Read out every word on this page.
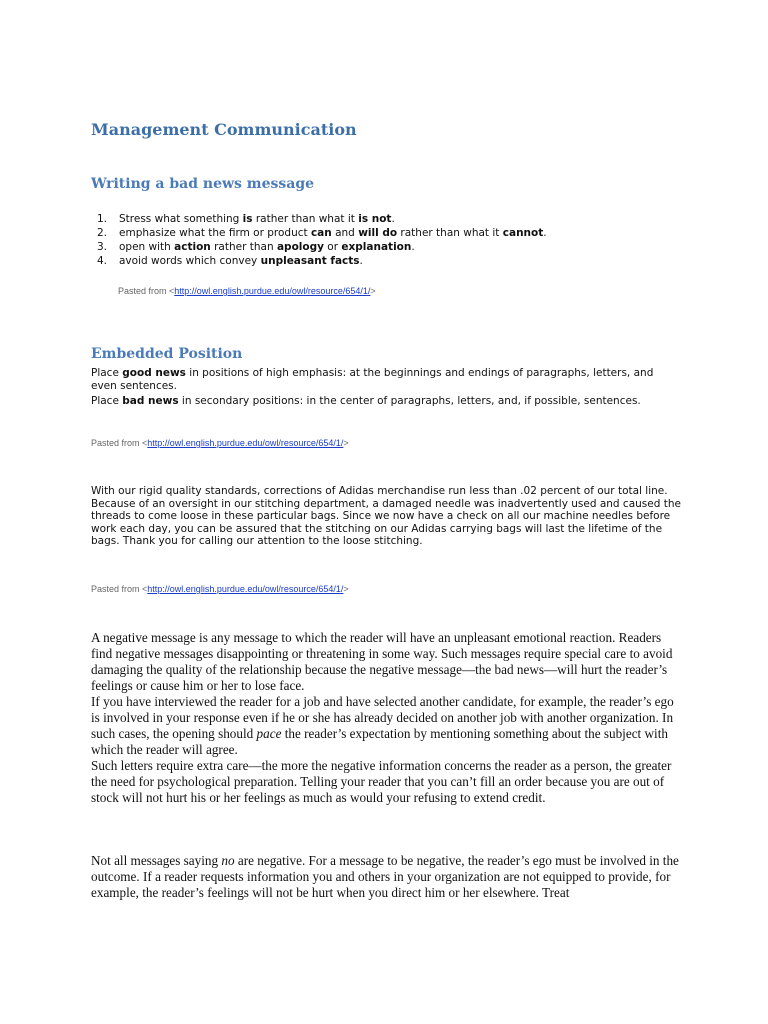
Management Communication
Writing a bad news message
1. Stress what something is rather than what it is not.
2. emphasize what the firm or product can and will do rather than what it cannot.
3. open with action rather than apology or explanation.
4. avoid words which convey unpleasant facts.
Pasted from <http://owl.english.purdue.edu/owl/resource/654/1/>
Embedded Position

Place good news in positions of high emphasis: at the beginnings and endings of paragraphs, letters, and even sentences.

Place bad news in secondary positions: in the center of paragraphs, letters, and, if possible, sentences.

Pasted from <http://owl.english.purdue.edu/owl/resource/654/1/>

With our rigid quality standards, corrections of Adidas merchandise run less than .02 percent of our total line. Because of an oversight in our stitching department, a damaged needle was inadvertently used and caused the threads to come loose in these particular bags. Since we now have a check on all our machine needles before work each day, you can be assured that the stitching on our Adidas carrying bags will last the lifetime of the bags. Thank you for calling our attention to the loose stitching.

Pasted from <http://owl.english.purdue.edu/owl/resource/654/1/>
A negative message is any message to which the reader will have an unpleasant emotional reaction. Readers find negative messages disappointing or threatening in some way. Such messages require special care to avoid damaging the quality of the relationship because the negative message—the bad news—will hurt the reader’s feelings or cause him or her to lose face.
If you have interviewed the reader for a job and have selected another candidate, for example, the reader’s ego is involved in your response even if he or she has already decided on another job with another organization. In such cases, the opening should pace the reader’s expectation by mentioning something about the subject with which the reader will agree.
Such letters require extra care—the more the negative information concerns the reader as a person, the greater the need for psychological preparation. Telling your reader that you can’t fill an order because you are out of stock will not hurt his or her feelings as much as would your refusing to extend credit.

Not all messages saying no are negative. For a message to be negative, the reader’s ego must be involved in the outcome. If a reader requests information you and others in your organization are not equipped to provide, for example, the reader’s feelings will not be hurt when you direct him or her elsewhere. Treat
